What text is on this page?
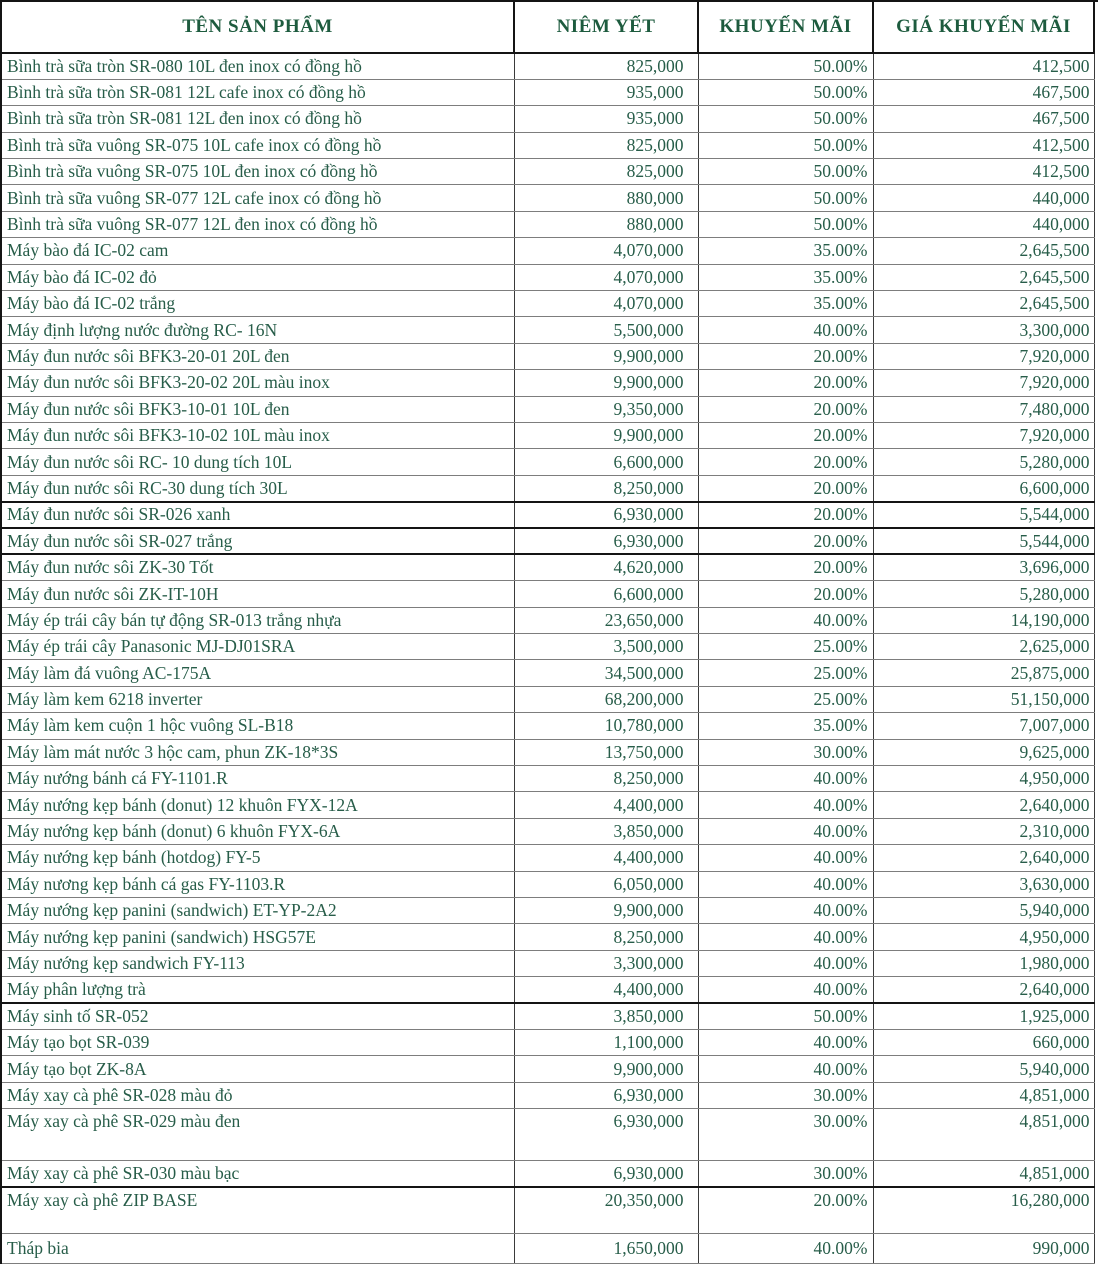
TÊN SẢN PHẨM	NIÊM YẾT	KHUYẾN MÃI	GIÁ KHUYẾN MÃI	
Bình trà sữa tròn SR-080 10L đen inox có đồng hồ	825,000	50.00%	412,500	
Bình trà sữa tròn SR-081 12L cafe inox có đồng hồ	935,000	50.00%	467,500	
Bình trà sữa tròn SR-081 12L đen inox có đồng hồ	935,000	50.00%	467,500	
Bình trà sữa vuông SR-075 10L cafe inox có đồng hồ	825,000	50.00%	412,500	
Bình trà sữa vuông SR-075 10L đen inox có đồng hồ	825,000	50.00%	412,500	
Bình trà sữa vuông SR-077 12L cafe inox có đồng hồ	880,000	50.00%	440,000	
Bình trà sữa vuông SR-077 12L đen inox có đồng hồ	880,000	50.00%	440,000	
Máy bào đá IC-02 cam	4,070,000	35.00%	2,645,500	
Máy bào đá IC-02 đỏ	4,070,000	35.00%	2,645,500	
Máy bào đá IC-02 trắng	4,070,000	35.00%	2,645,500	
Máy định lượng nước đường RC- 16N	5,500,000	40.00%	3,300,000	
Máy đun nước sôi BFK3-20-01 20L đen	9,900,000	20.00%	7,920,000	
Máy đun nước sôi BFK3-20-02 20L màu inox	9,900,000	20.00%	7,920,000	
Máy đun nước sôi BFK3-10-01 10L đen	9,350,000	20.00%	7,480,000	
Máy đun nước sôi BFK3-10-02 10L màu inox	9,900,000	20.00%	7,920,000	
Máy đun nước sôi RC- 10 dung tích 10L	6,600,000	20.00%	5,280,000	
Máy đun nước sôi RC-30 dung tích 30L	8,250,000	20.00%	6,600,000	
Máy đun nước sôi SR-026 xanh	6,930,000	20.00%	5,544,000	
Máy đun nước sôi SR-027 trắng	6,930,000	20.00%	5,544,000	
Máy đun nước sôi ZK-30 Tốt	4,620,000	20.00%	3,696,000	
Máy đun nước sôi ZK-IT-10H	6,600,000	20.00%	5,280,000	
Máy ép trái cây bán tự động SR-013 trắng nhựa	23,650,000	40.00%	14,190,000	
Máy ép trái cây Panasonic MJ-DJ01SRA	3,500,000	25.00%	2,625,000	
Máy làm đá vuông AC-175A	34,500,000	25.00%	25,875,000	
Máy làm kem 6218 inverter	68,200,000	25.00%	51,150,000	
Máy làm kem cuộn 1 hộc vuông SL-B18	10,780,000	35.00%	7,007,000	
Máy làm mát nước 3 hộc cam, phun ZK-18*3S	13,750,000	30.00%	9,625,000	
Máy nướng bánh cá FY-1101.R	8,250,000	40.00%	4,950,000	
Máy nướng kẹp bánh (donut) 12 khuôn FYX-12A	4,400,000	40.00%	2,640,000	
Máy nướng kẹp bánh (donut) 6 khuôn FYX-6A	3,850,000	40.00%	2,310,000	
Máy nướng kẹp bánh (hotdog) FY-5	4,400,000	40.00%	2,640,000	
Máy nương kẹp bánh cá gas FY-1103.R	6,050,000	40.00%	3,630,000	
Máy nướng kẹp panini (sandwich) ET-YP-2A2	9,900,000	40.00%	5,940,000	
Máy nướng kẹp panini (sandwich) HSG57E	8,250,000	40.00%	4,950,000	
Máy nướng kẹp sandwich FY-113	3,300,000	40.00%	1,980,000	
Máy phân lượng trà	4,400,000	40.00%	2,640,000	
Máy sinh tố SR-052	3,850,000	50.00%	1,925,000	
Máy tạo bọt SR-039	1,100,000	40.00%	660,000	
Máy tạo bọt ZK-8A	9,900,000	40.00%	5,940,000	
Máy xay cà phê SR-028 màu đỏ	6,930,000	30.00%	4,851,000	
Máy xay cà phê SR-029 màu đen	6,930,000	30.00%	4,851,000	
Máy xay cà phê SR-030 màu bạc	6,930,000	30.00%	4,851,000	
Máy xay cà phê ZIP BASE	20,350,000	20.00%	16,280,000	
Tháp bia	1,650,000	40.00%	990,000	
